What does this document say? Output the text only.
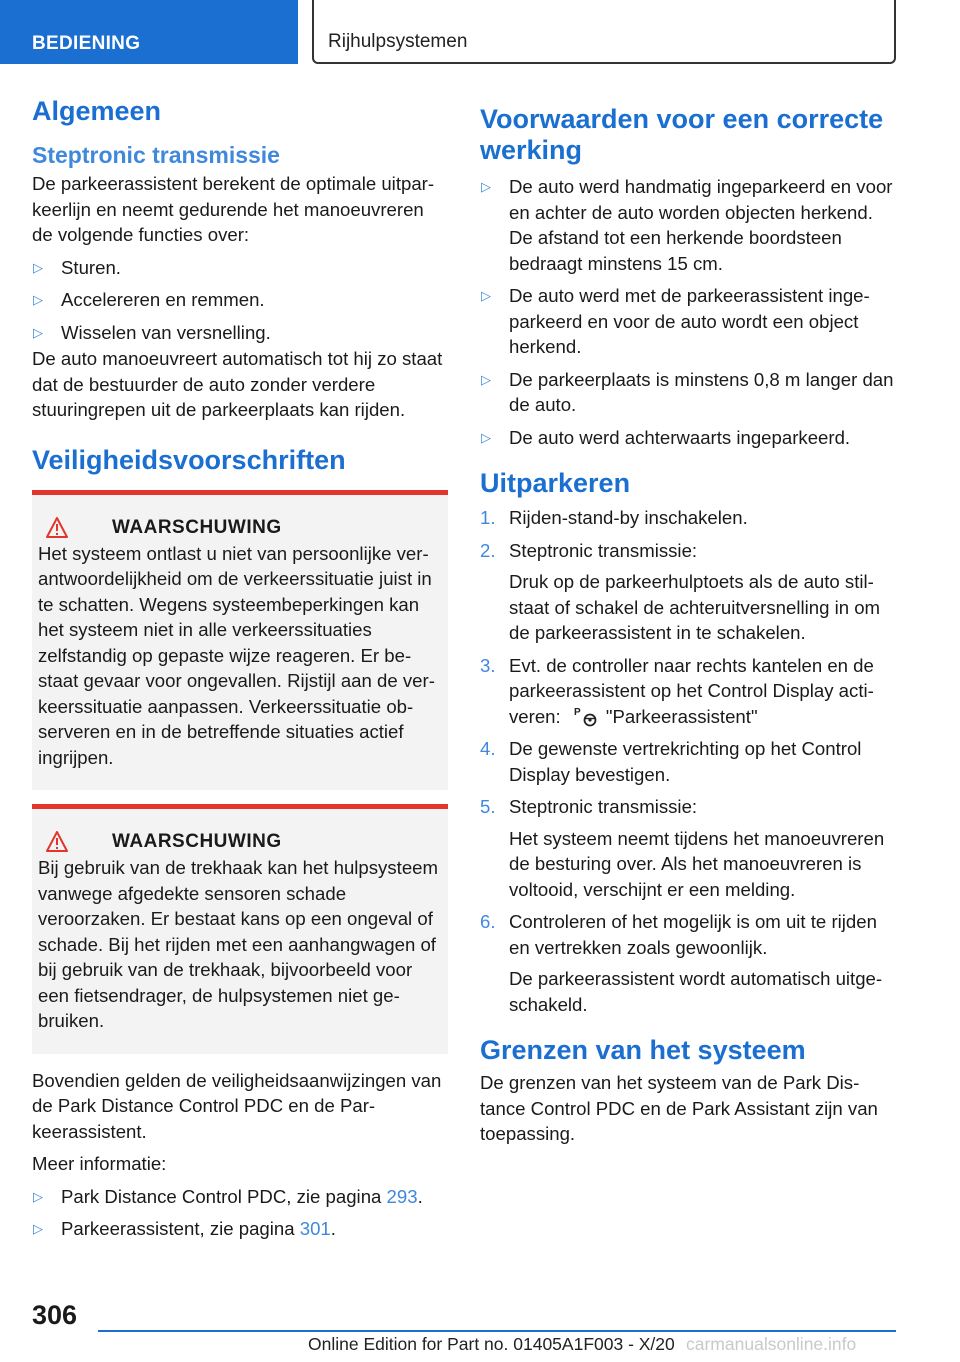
BEDIENING	Rijhulpsystemen
Algemeen
Steptronic transmissie

De parkeerassistent berekent de optimale uitparkeerlijn en neemt gedurende het manoeuvreren de volgende functies over:

▷ Sturen.
▷ Accelereren en remmen.
▷ Wisselen van versnelling.

De auto manoeuvreert automatisch tot hij zo staat dat de bestuurder de auto zonder verdere stuuringrepen uit de parkeerplaats kan rijden.

Veiligheidsvoorschriften
WAARSCHUWING

Het systeem ontlast u niet van persoonlijke verantwoordelijkheid om de verkeerssituatie juist in te schatten. Wegens systeembeperkingen kan het systeem niet in alle verkeerssituaties zelfstandig op gepaste wijze reageren. Er bestaat gevaar voor ongevallen. Rijstijl aan de verkeerssituatie aanpassen. Verkeerssituatie observeren en in de betreffende situaties actief ingrijpen.

WAARSCHUWING

Bij gebruik van de trekhaak kan het hulpsysteem vanwege afgedekte sensoren schade veroorzaken. Er bestaat kans op een ongeval of schade. Bij het rijden met een aanhangwagen of bij gebruik van de trekhaak, bijvoorbeeld voor een fietsendrager, de hulpsystemen niet gebruiken.

Bovendien gelden de veiligheidsaanwijzingen van de Park Distance Control PDC en de Parkeerassistent.

Meer informatie:

▷ Park Distance Control PDC, zie pagina 293.
▷ Parkeerassistent, zie pagina 301.
Voorwaarden voor een correcte werking
▷ De auto werd handmatig ingeparkeerd en voor en achter de auto worden objecten herkend. De afstand tot een herkende boordsteen bedraagt minstens 15 cm.
▷ De auto werd met de parkeerassistent ingeparkeerd en voor de auto wordt een object herkend.
▷ De parkeerplaats is minstens 0,8 m langer dan de auto.
▷ De auto werd achterwaarts ingeparkeerd.
Uitparkeren
1. Rijden-stand-by inschakelen.
2. Steptronic transmissie:
Druk op de parkeerhulptoets als de auto stilstaat of schakel de achteruitversnelling in om de parkeerassistent in te schakelen.
3. Evt. de controller naar rechts kantelen en de parkeerassistent op het Control Display activeren: P "Parkeerassistent"
4. De gewenste vertrekrichting op het Control Display bevestigen.
5. Steptronic transmissie:
Het systeem neemt tijdens het manoeuvreren de besturing over. Als het manoeuvreren is voltooid, verschijnt er een melding.
6. Controleren of het mogelijk is om uit te rijden en vertrekken zoals gewoonlijk.
De parkeerassistent wordt automatisch uitgeschakeld.
Grenzen van het systeem

De grenzen van het systeem van de Park Distance Control PDC en de Park Assistant zijn van toepassing.

306
Online Edition for Part no. 01405A1F003 - X/20 carmanualsonline.info
